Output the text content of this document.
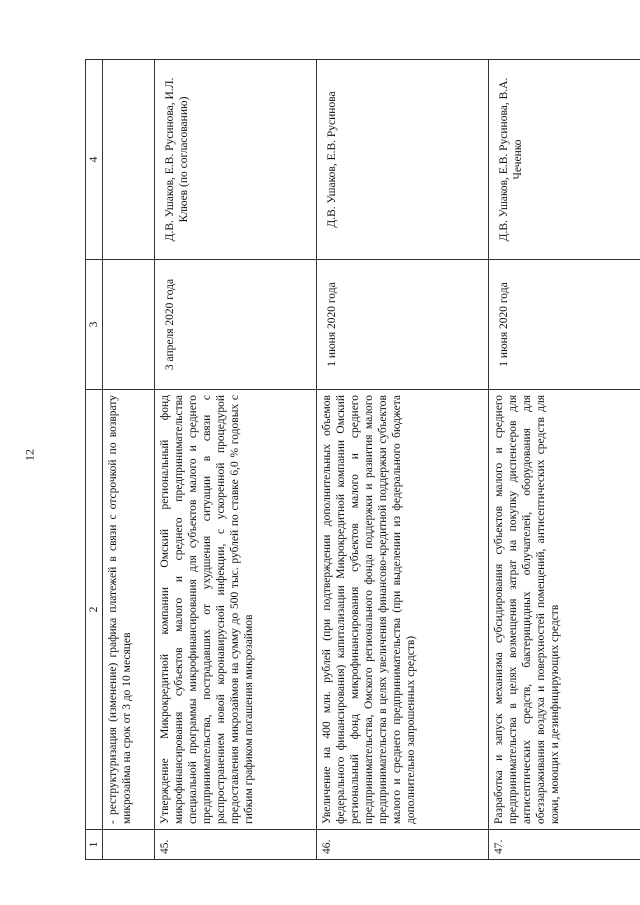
12
1	2	3	4
	- реструктуризация (изменение) графика платежей в связи с отсрочкой по возврату микрозайма на срок от 3 до 10 месяцев		
45.	Утверждение Микрокредитной компании Омский региональный фонд микрофинансирования субъектов малого и среднего предпринимательства специальной программы микрофинансирования для субъектов малого и среднего предпринимательства, пострадавших от ухудшения ситуации в связи с распространением новой коронавирусной инфекции, с ускоренной процедурой предоставления микрозаймов на сумму до 500 тыс. рублей по ставке 6,0 % годовых с гибким графиком погашения микрозаймов	3 апреля 2020 года	Д.В. Ушаков, Е.В. Русинова, И.Л. Клюев (по согласованию)
46.	Увеличение на 400 млн. рублей (при подтверждении дополнительных объемов федерального финансирования) капитализации Микрокредитной компании Омский региональный фонд микрофинансирования субъектов малого и среднего предпринимательства, Омского регионального фонда поддержки и развития малого предпринимательства в целях увеличения финансово-кредитной поддержки субъектов малого и среднего предпринимательства (при выделении из федерального бюджета дополнительно запрошенных средств)	1 июня 2020 года	Д.В. Ушаков, Е.В. Русинова
47.	Разработка и запуск механизма субсидирования субъектов малого и среднего предпринимательства в целях возмещения затрат на покупку диспенсеров для антисептических средств, бактерицидных облучателей, оборудования для обеззараживания воздуха и поверхностей помещений, антисептических средств для кожи, моющих и дезинфицирующих средств	1 июня 2020 года	Д.В. Ушаков, Е.В. Русинова, В.А. Чеченко
